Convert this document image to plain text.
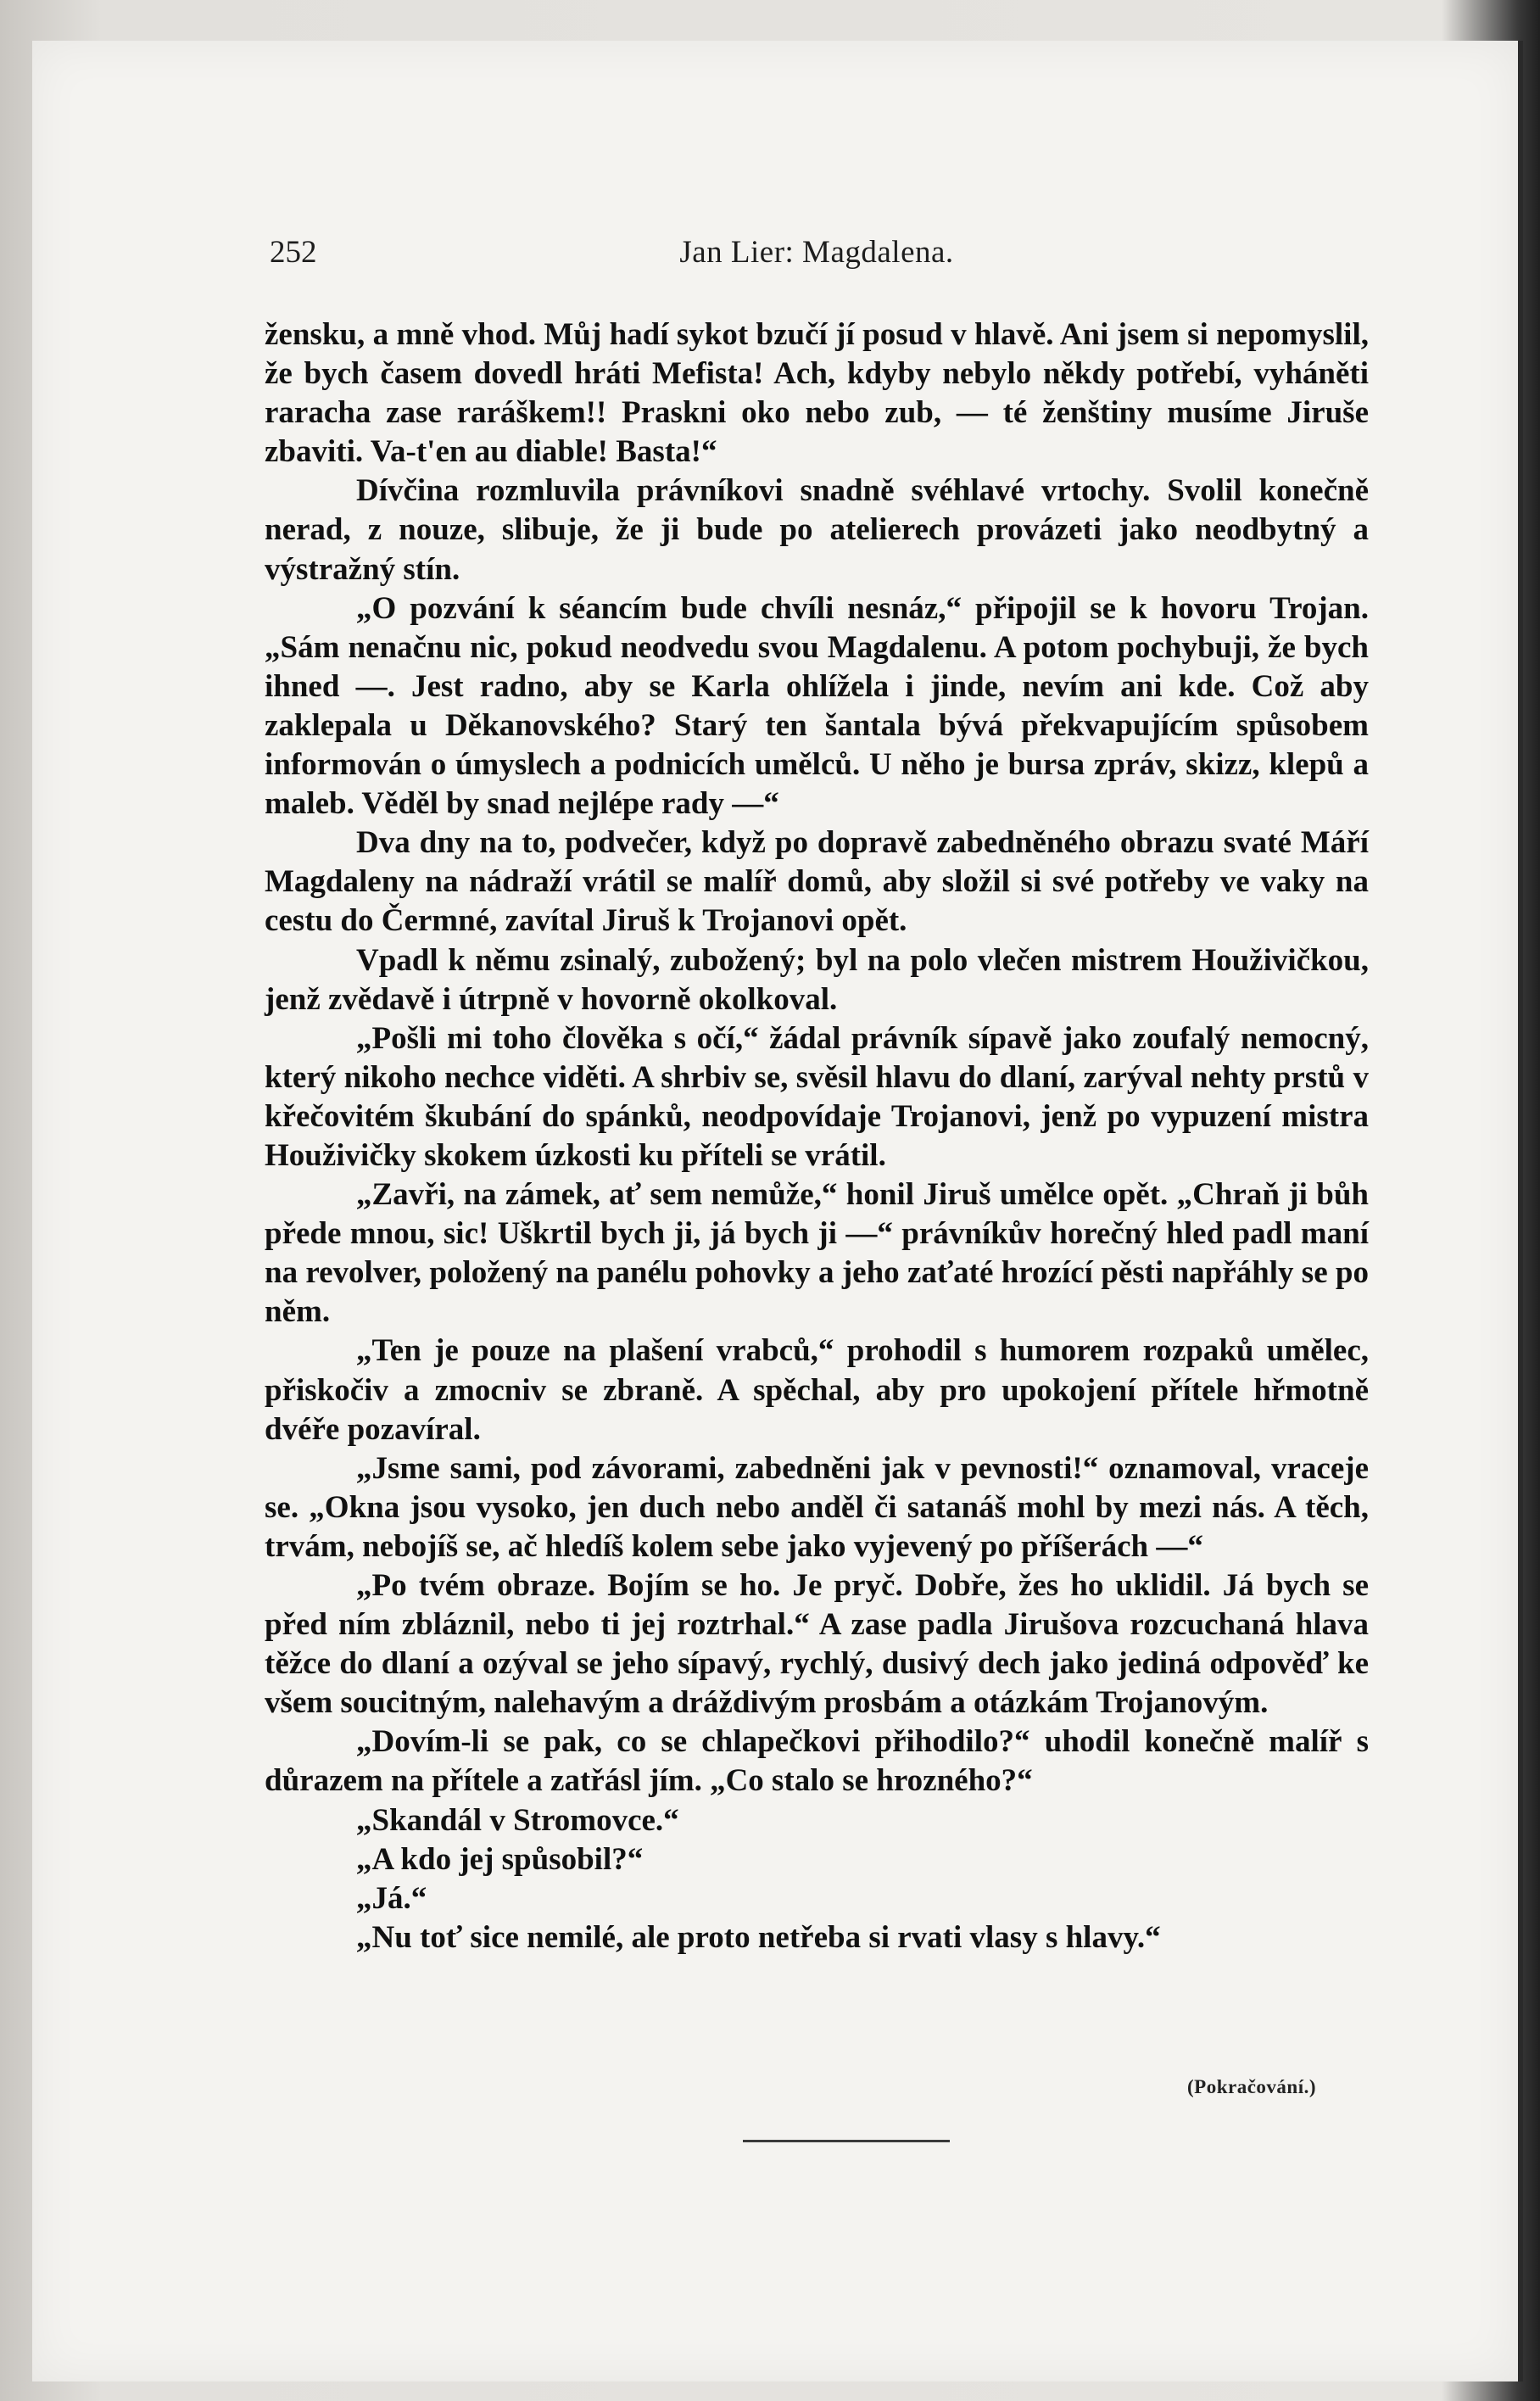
252	Jan Lier: Magdalena.

žensku, a mně vhod. Můj hadí sykot bzučí jí posud v hlavě. Ani jsem si nepomyslil, že bych časem dovedl hráti Mefista! Ach, kdyby nebylo někdy potřebí, vyháněti raracha zase raráškem!! Praskni oko nebo zub, — té ženštiny musíme Jiruše zbaviti. Va-t'en au diable! Basta!“

Dívčina rozmluvila právníkovi snadně svéhlavé vrtochy. Svolil konečně nerad, z nouze, slibuje, že ji bude po atelierech provázeti jako neodbytný a výstražný stín.

„O pozvání k séancím bude chvíli nesnáz,“ připojil se k hovoru Trojan. „Sám nenačnu nic, pokud neodvedu svou Magdalenu. A potom pochybuji, že bych ihned —. Jest radno, aby se Karla ohlížela i jinde, nevím ani kde. Což aby zaklepala u Děkanovského? Starý ten šantala bývá překvapujícím spůsobem informován o úmyslech a podnicích umělců. U něho je bursa zpráv, skizz, klepů a maleb. Věděl by snad nejlépe rady —“

Dva dny na to, podvečer, když po dopravě zabedněného obrazu svaté Máří Magdaleny na nádraží vrátil se malíř domů, aby složil si své potřeby ve vaky na cestu do Čermné, zavítal Jiruš k Trojanovi opět.

Vpadl k němu zsinalý, zubožený; byl na polo vlečen mistrem Houživičkou, jenž zvědavě i útrpně v hovorně okolkoval.

„Pošli mi toho člověka s očí,“ žádal právník sípavě jako zoufalý nemocný, který nikoho nechce viděti. A shrbiv se, svěsil hlavu do dlaní, zarýval nehty prstů v křečovitém škubání do spánků, neodpovídaje Trojanovi, jenž po vypuzení mistra Houživičky skokem úzkosti ku příteli se vrátil.

„Zavři, na zámek, ať sem nemůže,“ honil Jiruš umělce opět. „Chraň ji bůh přede mnou, sic! Uškrtil bych ji, já bych ji —“ právníkův horečný hled padl maní na revolver, položený na panélu pohovky a jeho zaťaté hrozící pěsti napřáhly se po něm.

„Ten je pouze na plašení vrabců,“ prohodil s humorem rozpaků umělec, přiskočiv a zmocniv se zbraně. A spěchal, aby pro upokojení přítele hřmotně dvéře pozavíral.

„Jsme sami, pod závorami, zabedněni jak v pevnosti!“ oznamoval, vraceje se. „Okna jsou vysoko, jen duch nebo anděl či satanáš mohl by mezi nás. A těch, trvám, nebojíš se, ač hledíš kolem sebe jako vyjevený po příšerách —“

„Po tvém obraze. Bojím se ho. Je pryč. Dobře, žes ho uklidil. Já bych se před ním zbláznil, nebo ti jej roztrhal.“ A zase padla Jirušova rozcuchaná hlava těžce do dlaní a ozýval se jeho sípavý, rychlý, dusivý dech jako jediná odpověď ke všem soucitným, nalehavým a dráždivým prosbám a otázkám Trojanovým.

„Dovím-li se pak, co se chlapečkovi přihodilo?“ uhodil konečně malíř s důrazem na přítele a zatřásl jím. „Co stalo se hrozného?“

„Skandál v Stromovce.“

„A kdo jej spůsobil?“

„Já.“

„Nu toť sice nemilé, ale proto netřeba si rvati vlasy s hlavy.“

(Pokračování.)
